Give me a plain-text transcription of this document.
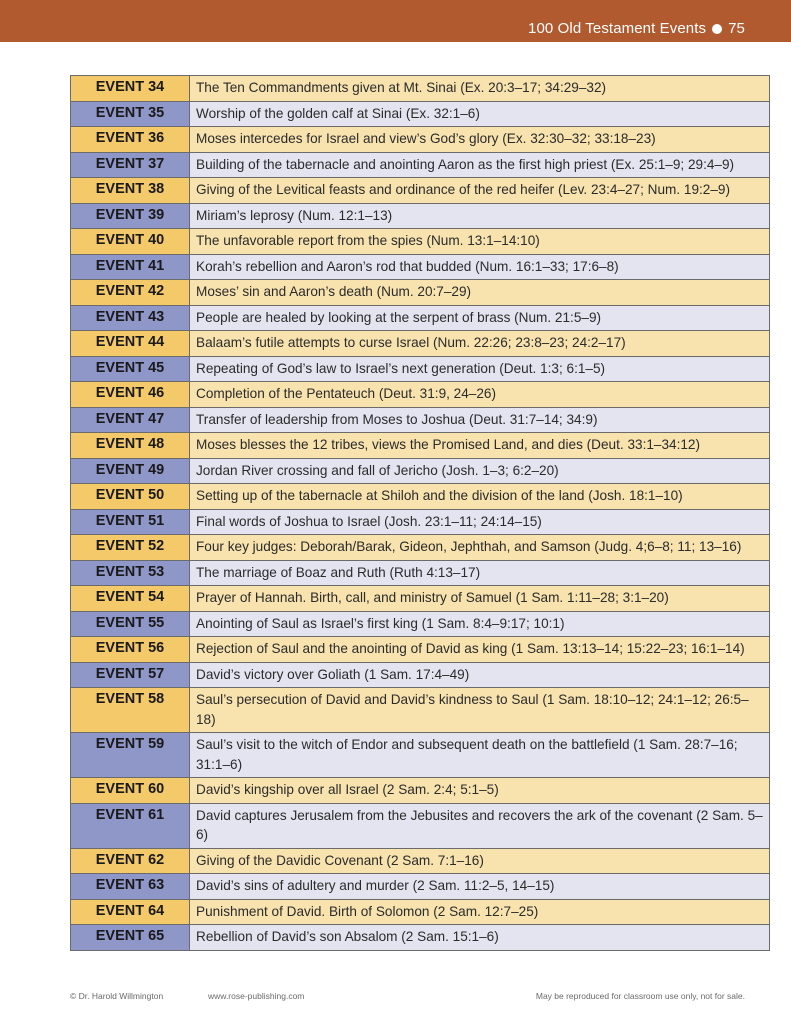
100 Old Testament Events 75
EVENT 34	The Ten Commandments given at Mt. Sinai (Ex. 20:3–17; 34:29–32)
EVENT 35	Worship of the golden calf at Sinai (Ex. 32:1–6)
EVENT 36	Moses intercedes for Israel and view’s God’s glory (Ex. 32:30–32; 33:18–23)
EVENT 37	Building of the tabernacle and anointing Aaron as the first high priest (Ex. 25:1–9; 29:4–9)
EVENT 38	Giving of the Levitical feasts and ordinance of the red heifer (Lev. 23:4–27; Num. 19:2–9)
EVENT 39	Miriam’s leprosy (Num. 12:1–13)
EVENT 40	The unfavorable report from the spies (Num. 13:1–14:10)
EVENT 41	Korah’s rebellion and Aaron’s rod that budded (Num. 16:1–33; 17:6–8)
EVENT 42	Moses’ sin and Aaron’s death (Num. 20:7–29)
EVENT 43	People are healed by looking at the serpent of brass (Num. 21:5–9)
EVENT 44	Balaam’s futile attempts to curse Israel (Num. 22:26; 23:8–23; 24:2–17)
EVENT 45	Repeating of God’s law to Israel’s next generation (Deut. 1:3; 6:1–5)
EVENT 46	Completion of the Pentateuch (Deut. 31:9, 24–26)
EVENT 47	Transfer of leadership from Moses to Joshua (Deut. 31:7–14; 34:9)
EVENT 48	Moses blesses the 12 tribes, views the Promised Land, and dies (Deut. 33:1–34:12)
EVENT 49	Jordan River crossing and fall of Jericho (Josh. 1–3; 6:2–20)
EVENT 50	Setting up of the tabernacle at Shiloh and the division of the land (Josh. 18:1–10)
EVENT 51	Final words of Joshua to Israel (Josh. 23:1–11; 24:14–15)
EVENT 52	Four key judges: Deborah/Barak, Gideon, Jephthah, and Samson (Judg. 4;6–8; 11; 13–16)
EVENT 53	The marriage of Boaz and Ruth (Ruth 4:13–17)
EVENT 54	Prayer of Hannah. Birth, call, and ministry of Samuel (1 Sam. 1:11–28; 3:1–20)
EVENT 55	Anointing of Saul as Israel’s first king (1 Sam. 8:4–9:17; 10:1)
EVENT 56	Rejection of Saul and the anointing of David as king (1 Sam. 13:13–14; 15:22–23; 16:1–14)
EVENT 57	David’s victory over Goliath (1 Sam. 17:4–49)
EVENT 58	Saul’s persecution of David and David’s kindness to Saul (1 Sam. 18:10–12; 24:1–12; 26:5–18)
EVENT 59	Saul’s visit to the witch of Endor and subsequent death on the battlefield (1 Sam. 28:7–16; 31:1–6)
EVENT 60	David’s kingship over all Israel (2 Sam. 2:4; 5:1–5)
EVENT 61	David captures Jerusalem from the Jebusites and recovers the ark of the covenant (2 Sam. 5–6)
EVENT 62	Giving of the Davidic Covenant (2 Sam. 7:1–16)
EVENT 63	David’s sins of adultery and murder (2 Sam. 11:2–5, 14–15)
EVENT 64	Punishment of David. Birth of Solomon (2 Sam. 12:7–25)
EVENT 65	Rebellion of David’s son Absalom (2 Sam. 15:1–6)
© Dr. Harold Willmington	www.rose-publishing.com	May be reproduced for classroom use only, not for sale.
